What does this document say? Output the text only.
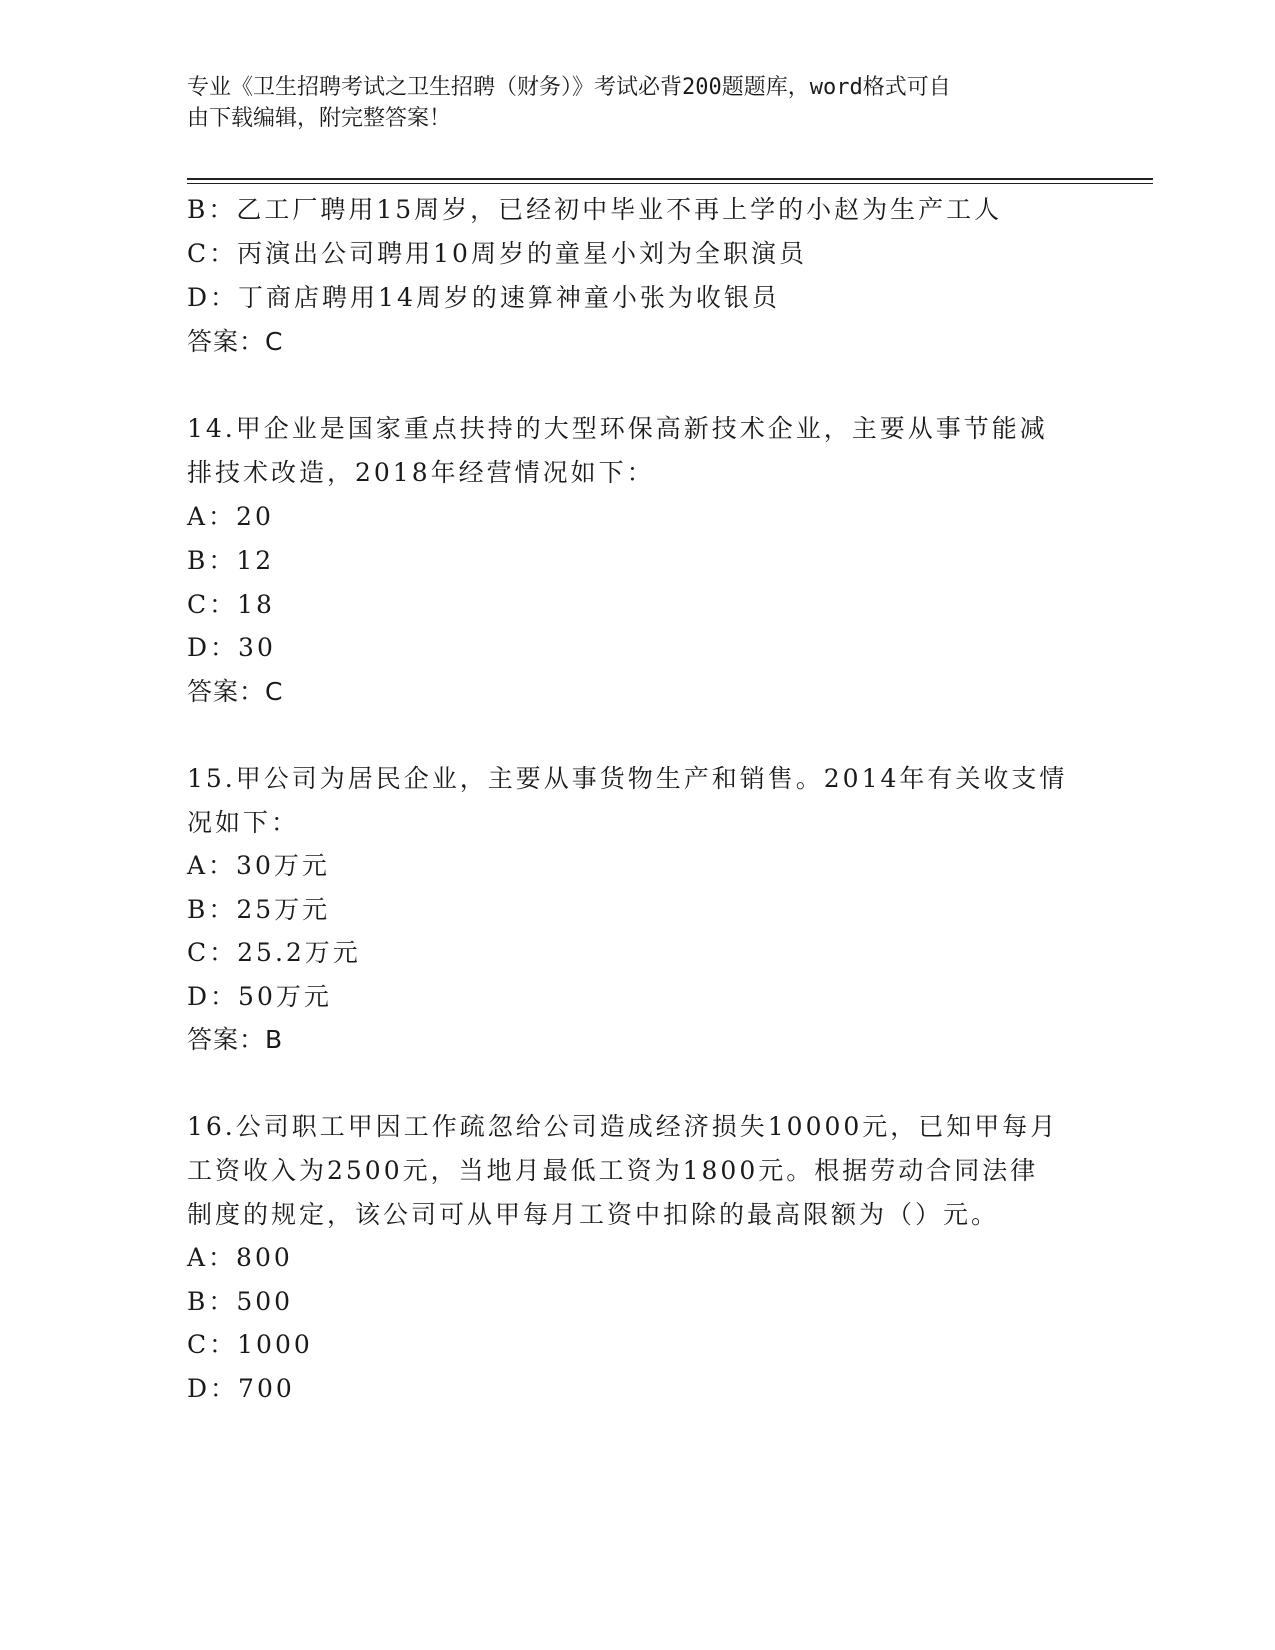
专业《卫生招聘考试之卫生招聘（财务）》考试必背200题题库，word格式可自
由下载编辑，附完整答案！
B：乙工厂聘用15周岁，已经初中毕业不再上学的小赵为生产工人
C：丙演出公司聘用10周岁的童星小刘为全职演员
D：丁商店聘用14周岁的速算神童小张为收银员
答案：C
14.甲企业是国家重点扶持的大型环保高新技术企业，主要从事节能减
排技术改造，2018年经营情况如下：
A：20
B：12
C：18
D：30
答案：C
15.甲公司为居民企业，主要从事货物生产和销售。2014年有关收支情
况如下：
A：30万元
B：25万元
C：25.2万元
D：50万元
答案：B
16.公司职工甲因工作疏忽给公司造成经济损失10000元，已知甲每月
工资收入为2500元，当地月最低工资为1800元。根据劳动合同法律
制度的规定，该公司可从甲每月工资中扣除的最高限额为（）元。
A：800
B：500
C：1000
D：700
